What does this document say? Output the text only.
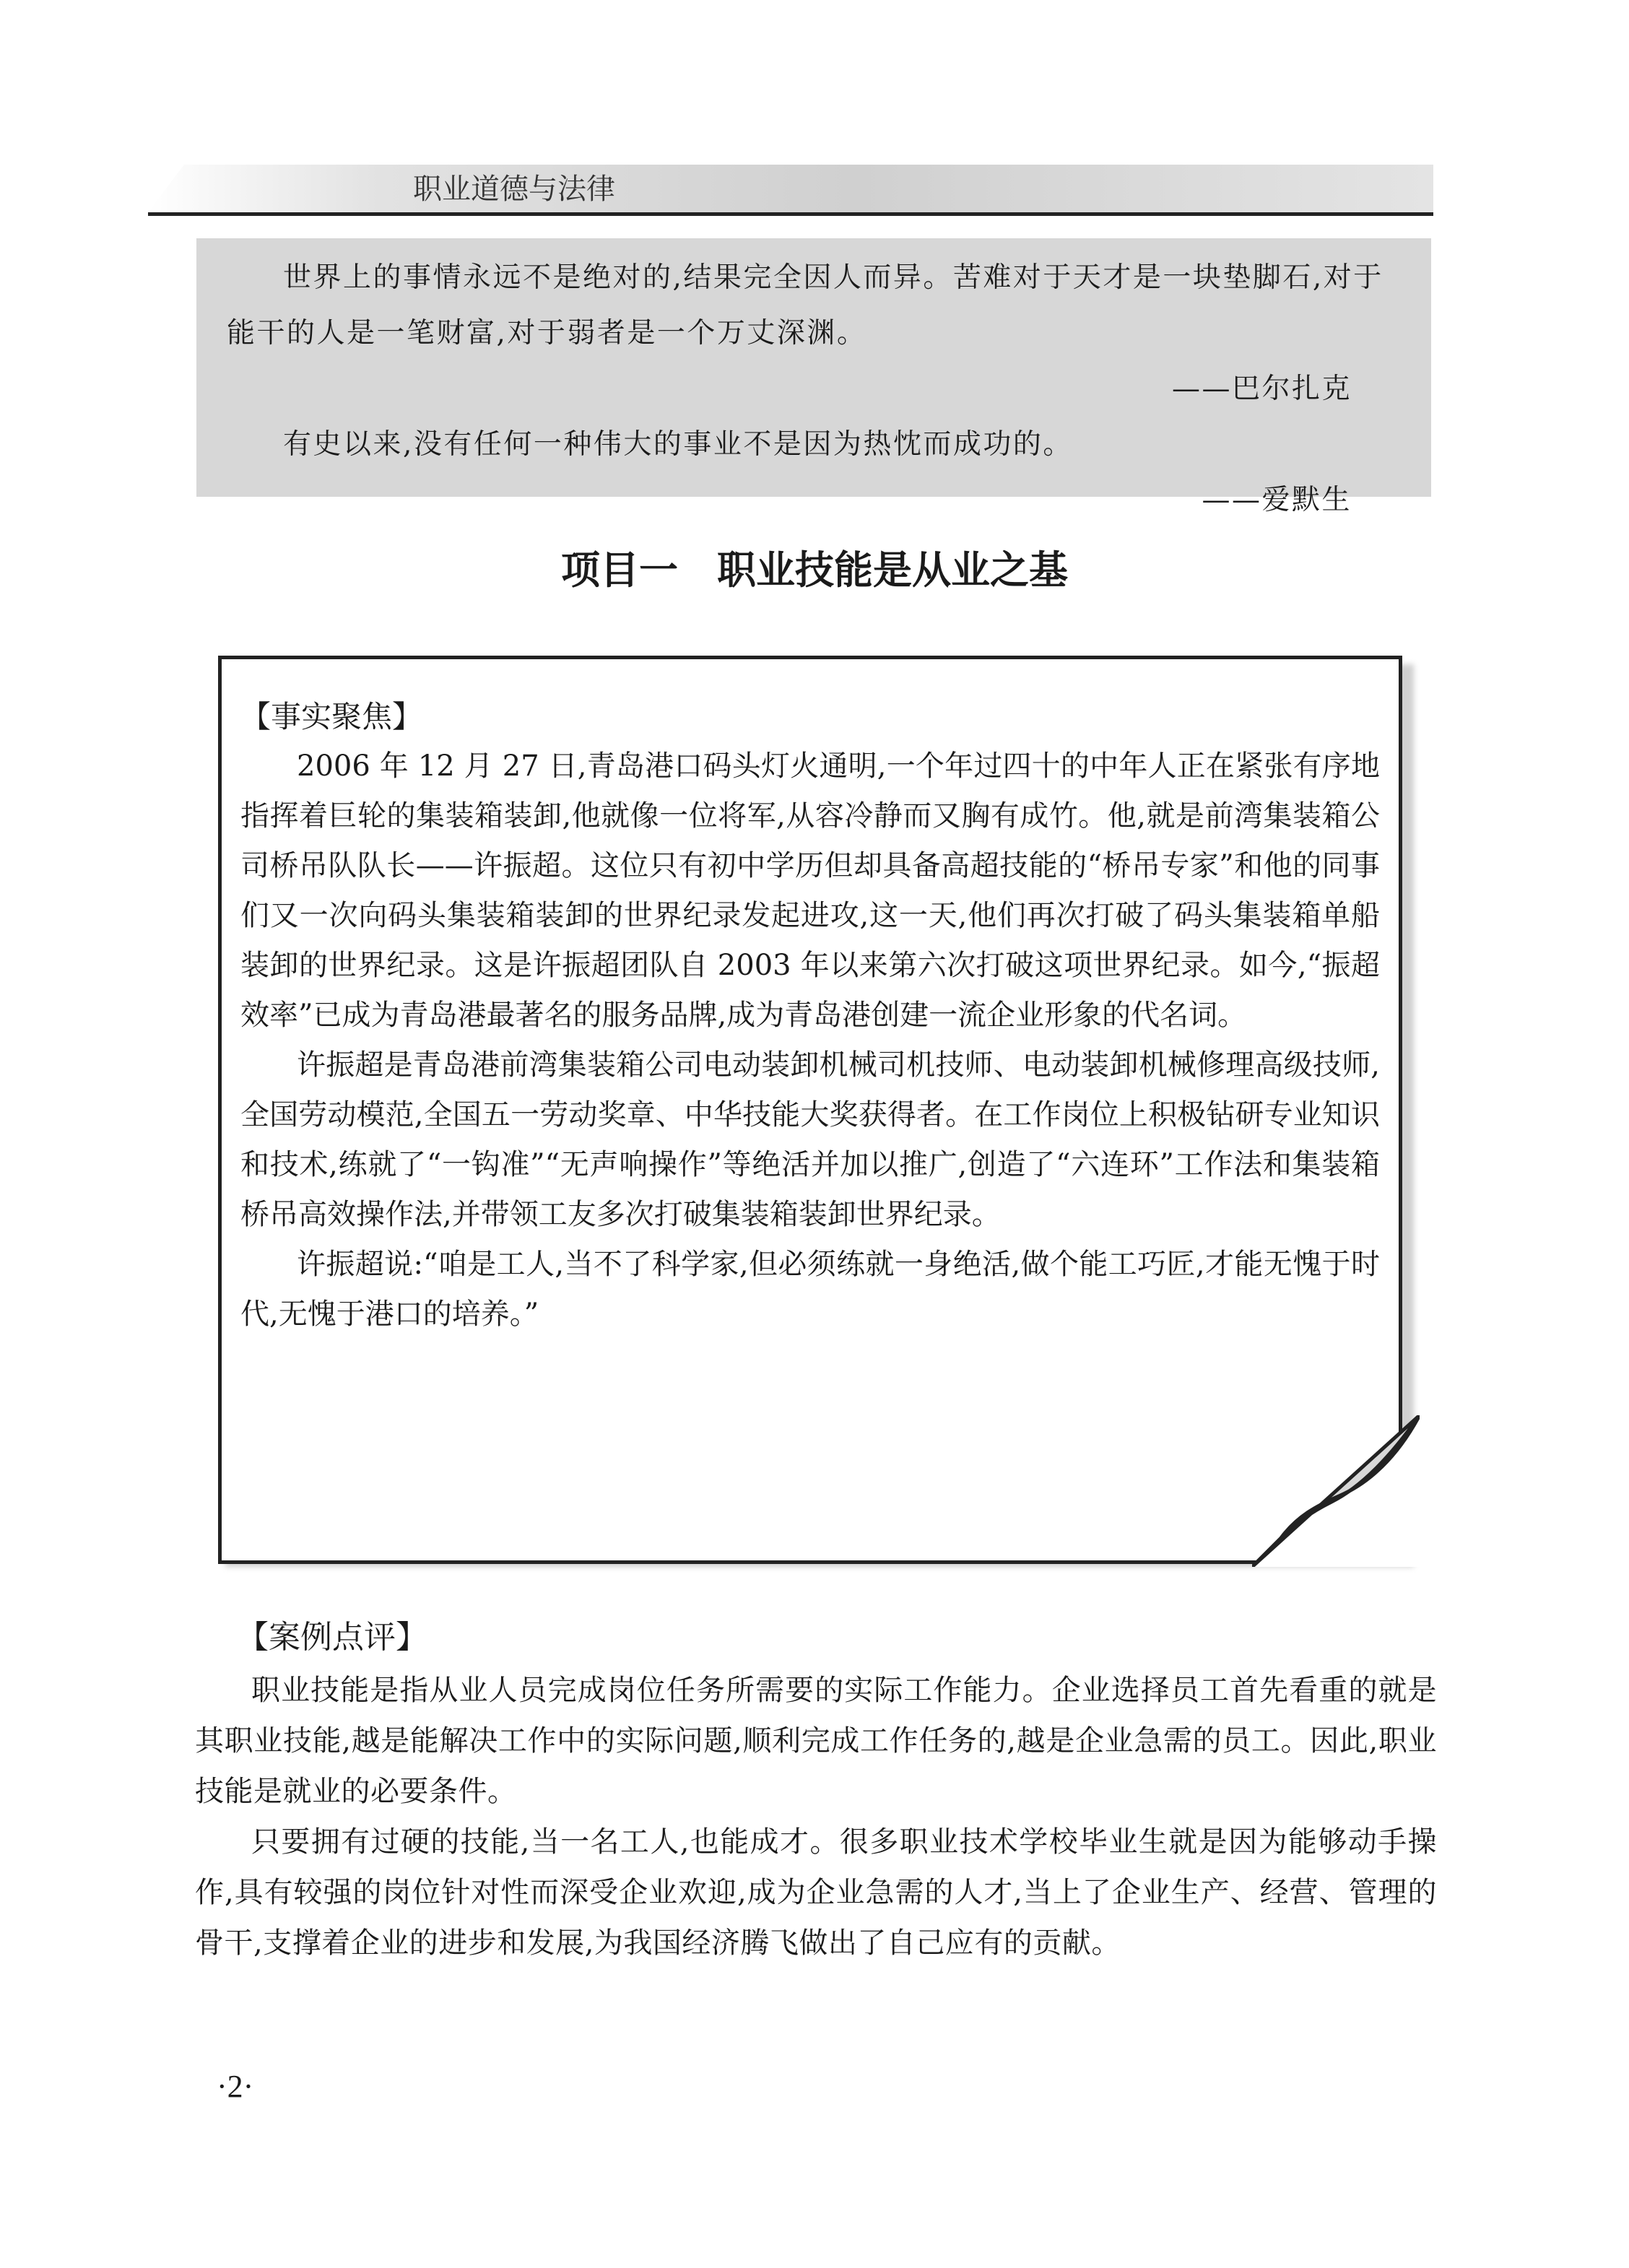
职业道德与法律

世界上的事情永远不是绝对的,结果完全因人而异。苦难对于天才是一块垫脚石,对于能干的人是一笔财富,对于弱者是一个万丈深渊。

——巴尔扎克

有史以来,没有任何一种伟大的事业不是因为热忱而成功的。

——爱默生

项目一　职业技能是从业之基
【事实聚焦】

2006 年 12 月 27 日,青岛港口码头灯火通明,一个年过四十的中年人正在紧张有序地指挥着巨轮的集装箱装卸,他就像一位将军,从容冷静而又胸有成竹。他,就是前湾集装箱公司桥吊队队长——许振超。这位只有初中学历但却具备高超技能的“桥吊专家”和他的同事们又一次向码头集装箱装卸的世界纪录发起进攻,这一天,他们再次打破了码头集装箱单船装卸的世界纪录。这是许振超团队自 2003 年以来第六次打破这项世界纪录。如今,“振超效率”已成为青岛港最著名的服务品牌,成为青岛港创建一流企业形象的代名词。

许振超是青岛港前湾集装箱公司电动装卸机械司机技师、电动装卸机械修理高级技师,全国劳动模范,全国五一劳动奖章、中华技能大奖获得者。在工作岗位上积极钻研专业知识和技术,练就了“一钩准”“无声响操作”等绝活并加以推广,创造了“六连环”工作法和集装箱桥吊高效操作法,并带领工友多次打破集装箱装卸世界纪录。

许振超说:“咱是工人,当不了科学家,但必须练就一身绝活,做个能工巧匠,才能无愧于时代,无愧于港口的培养。”

【案例点评】

职业技能是指从业人员完成岗位任务所需要的实际工作能力。企业选择员工首先看重的就是其职业技能,越是能解决工作中的实际问题,顺利完成工作任务的,越是企业急需的员工。因此,职业技能是就业的必要条件。

只要拥有过硬的技能,当一名工人,也能成才。很多职业技术学校毕业生就是因为能够动手操作,具有较强的岗位针对性而深受企业欢迎,成为企业急需的人才,当上了企业生产、经营、管理的骨干,支撑着企业的进步和发展,为我国经济腾飞做出了自己应有的贡献。

·2·
